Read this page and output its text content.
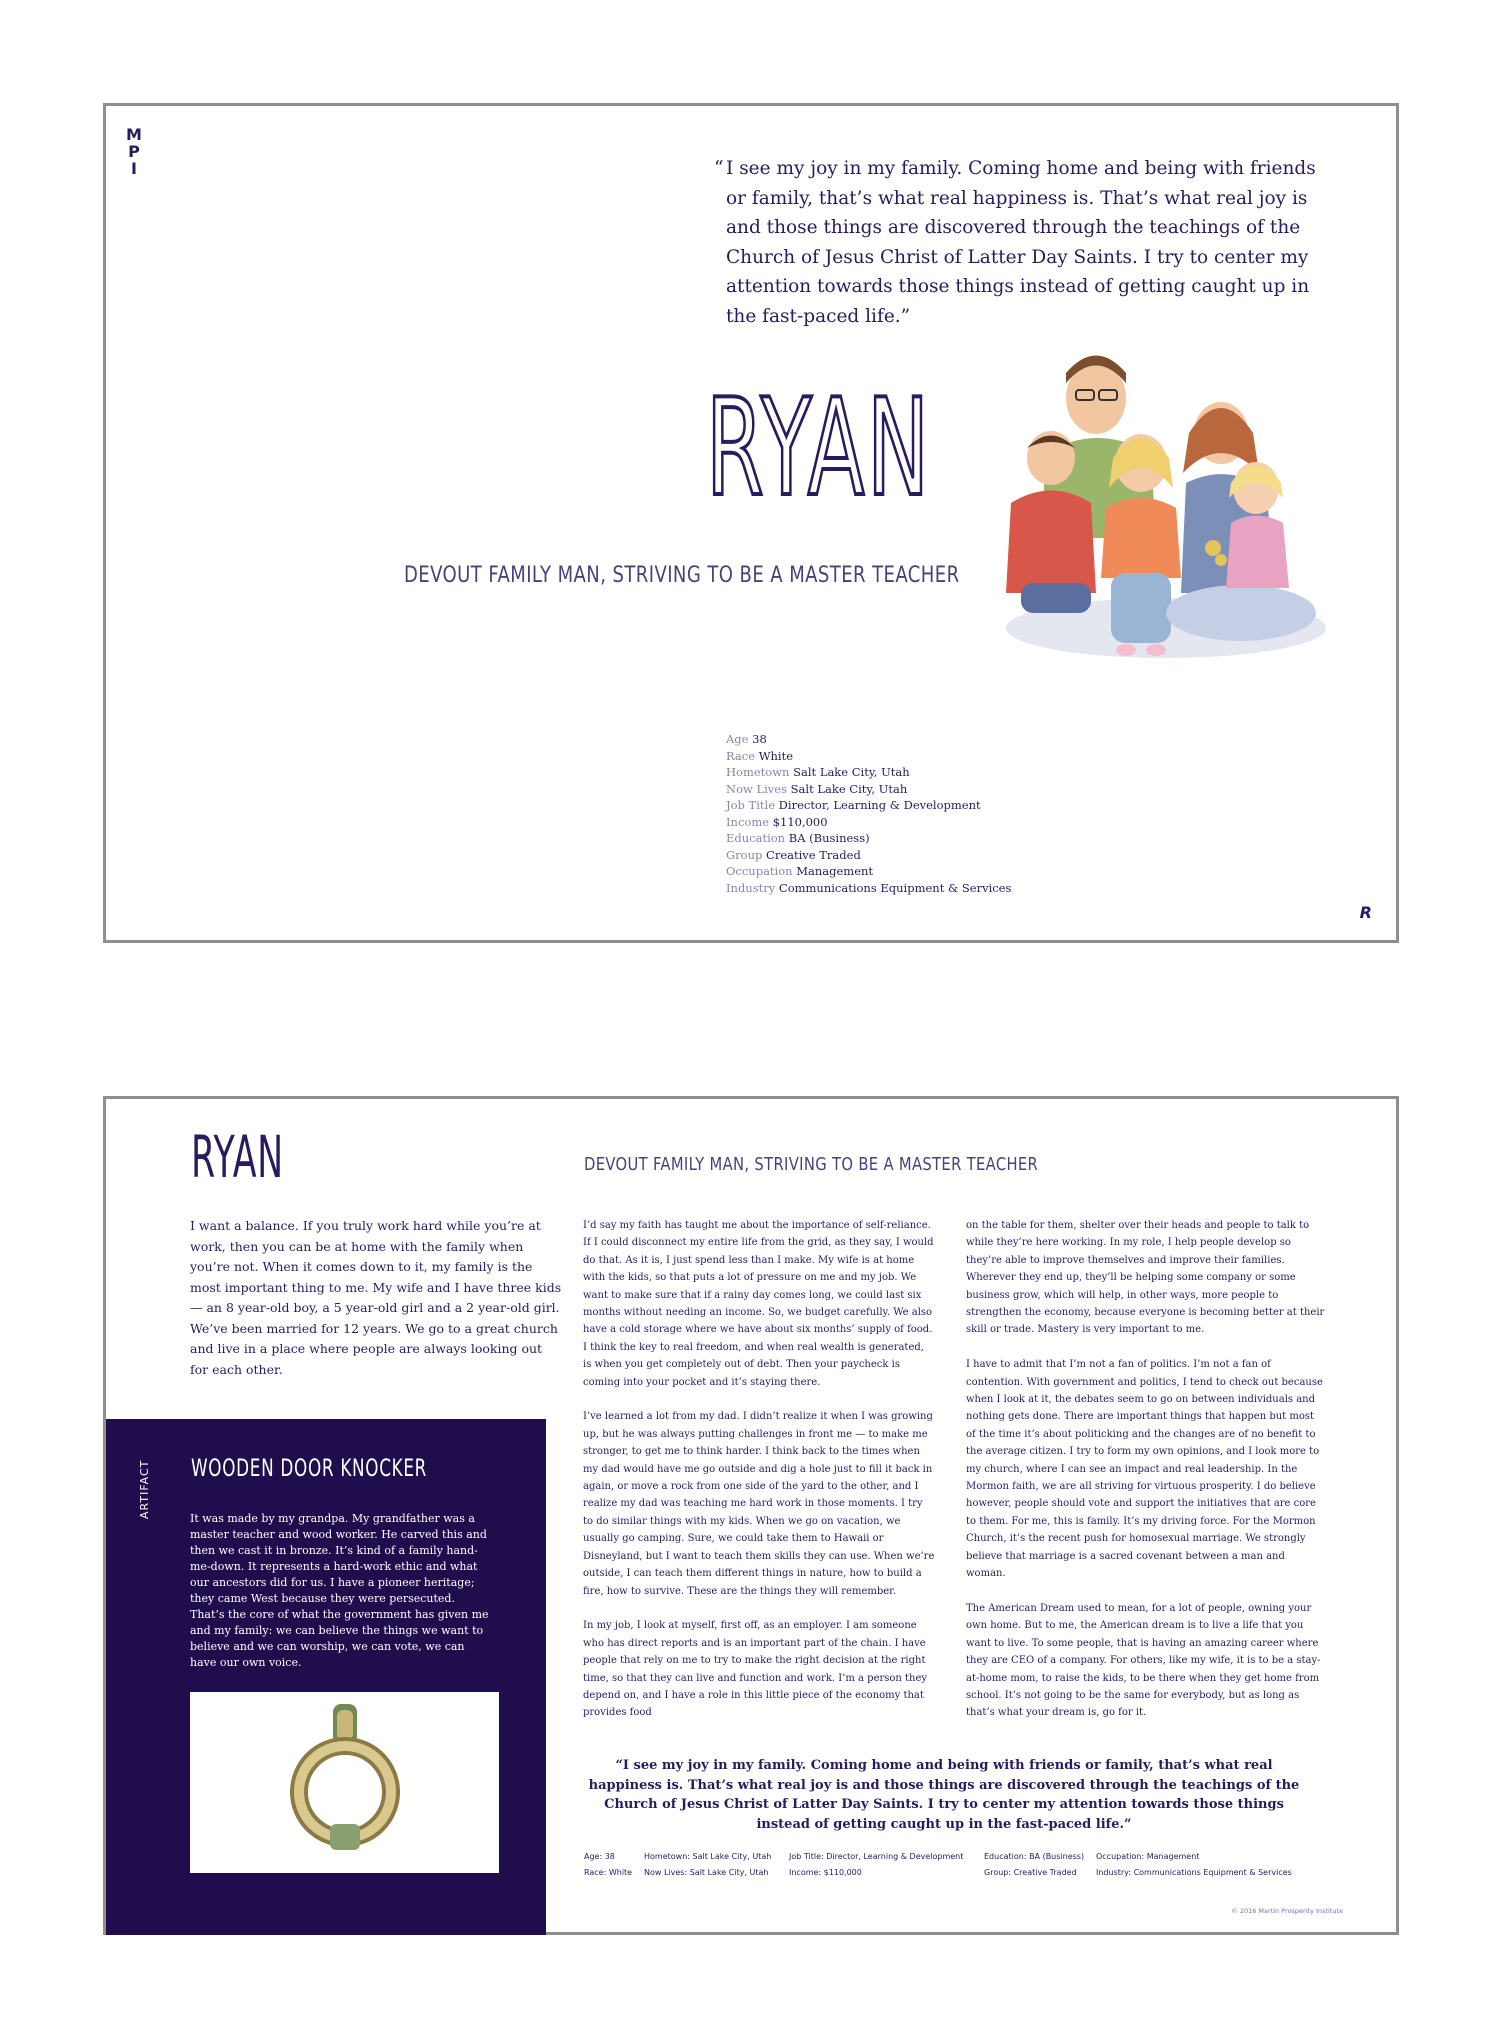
M
P
I	“ I see my joy in my family. Coming home and being with friends or family, that’s what real happiness is. That’s what real joy is and those things are discovered through the teachings of the Church of Jesus Christ of Latter Day Saints. I try to center my attention towards those things instead of getting caught up in the fast-paced life.”
RYAN
DEVOUT FAMILY MAN, STRIVING TO BE A MASTER TEACHER
Age 38
Race White
Hometown Salt Lake City, Utah
Now Lives Salt Lake City, Utah
Job Title Director, Learning & Development
Income $110,000
Education BA (Business)
Group Creative Traded
Occupation Management
Industry Communications Equipment & Services
R
RYAN	DEVOUT FAMILY MAN, STRIVING TO BE A MASTER TEACHER
I want a balance. If you truly work hard while you’re at work, then you can be at home with the family when you’re not. When it comes down to it, my family is the most important thing to me. My wife and I have three kids — an 8 year-old boy, a 5 year-old girl and a 2 year-old girl. We’ve been married for 12 years. We go to a great church and live in a place where people are always looking out for each other.
ARTIFACT WOODEN DOOR KNOCKER
It was made by my grandpa. My grandfather was a master teacher and wood worker. He carved this and then we cast it in bronze. It’s kind of a family hand-me-down. It represents a hard-work ethic and what our ancestors did for us. I have a pioneer heritage; they came West because they were persecuted. That’s the core of what the government has given me and my family: we can believe the things we want to believe and we can worship, we can vote, we can have our own voice.

I’d say my faith has taught me about the importance of self-reliance. If I could disconnect my entire life from the grid, as they say, I would do that. As it is, I just spend less than I make. My wife is at home with the kids, so that puts a lot of pressure on me and my job. We want to make sure that if a rainy day comes long, we could last six months without needing an income. So, we budget carefully. We also have a cold storage where we have about six months’ supply of food. I think the key to real freedom, and when real wealth is generated, is when you get completely out of debt. Then your paycheck is coming into your pocket and it’s staying there.

I’ve learned a lot from my dad. I didn’t realize it when I was growing up, but he was always putting challenges in front me — to make me stronger, to get me to think harder. I think back to the times when my dad would have me go outside and dig a hole just to fill it back in again, or move a rock from one side of the yard to the other, and I realize my dad was teaching me hard work in those moments. I try to do similar things with my kids. When we go on vacation, we usually go camping. Sure, we could take them to Hawaii or Disneyland, but I want to teach them skills they can use. When we’re outside, I can teach them different things in nature, how to build a fire, how to survive. These are the things they will remember.

In my job, I look at myself, first off, as an employer. I am someone who has direct reports and is an important part of the chain. I have people that rely on me to try to make the right decision at the right time, so that they can live and function and work. I’m a person they depend on, and I have a role in this little piece of the economy that provides food

on the table for them, shelter over their heads and people to talk to while they’re here working. In my role, I help people develop so they’re able to improve themselves and improve their families. Wherever they end up, they’ll be helping some company or some business grow, which will help, in other ways, more people to strengthen the economy, because everyone is becoming better at their skill or trade. Mastery is very important to me.

I have to admit that I’m not a fan of politics. I’m not a fan of contention. With government and politics, I tend to check out because when I look at it, the debates seem to go on between individuals and nothing gets done. There are important things that happen but most of the time it’s about politicking and the changes are of no benefit to the average citizen. I try to form my own opinions, and I look more to my church, where I can see an impact and real leadership. In the Mormon faith, we are all striving for virtuous prosperity. I do believe however, people should vote and support the initiatives that are core to them. For me, this is family. It’s my driving force. For the Mormon Church, it’s the recent push for homosexual marriage. We strongly believe that marriage is a sacred covenant between a man and woman.

The American Dream used to mean, for a lot of people, owning your own home. But to me, the American dream is to live a life that you want to live. To some people, that is having an amazing career where they are CEO of a company. For others, like my wife, it is to be a stay-at-home mom, to raise the kids, to be there when they get home from school. It’s not going to be the same for everybody, but as long as that’s what your dream is, go for it.

“I see my joy in my family. Coming home and being with friends or family, that’s what real happiness is. That’s what real joy is and those things are discovered through the teachings of the Church of Jesus Christ of Latter Day Saints. I try to center my attention towards those things instead of getting caught up in the fast-paced life.”
Age: 38
Race: White
Hometown: Salt Lake City, Utah
Now Lives: Salt Lake City, Utah
Job Title: Director, Learning & Development
Income: $110,000
Education: BA (Business)
Group: Creative Traded
Occupation: Management
Industry: Communications Equipment & Services
© 2016 Martin Prosperity Institute
